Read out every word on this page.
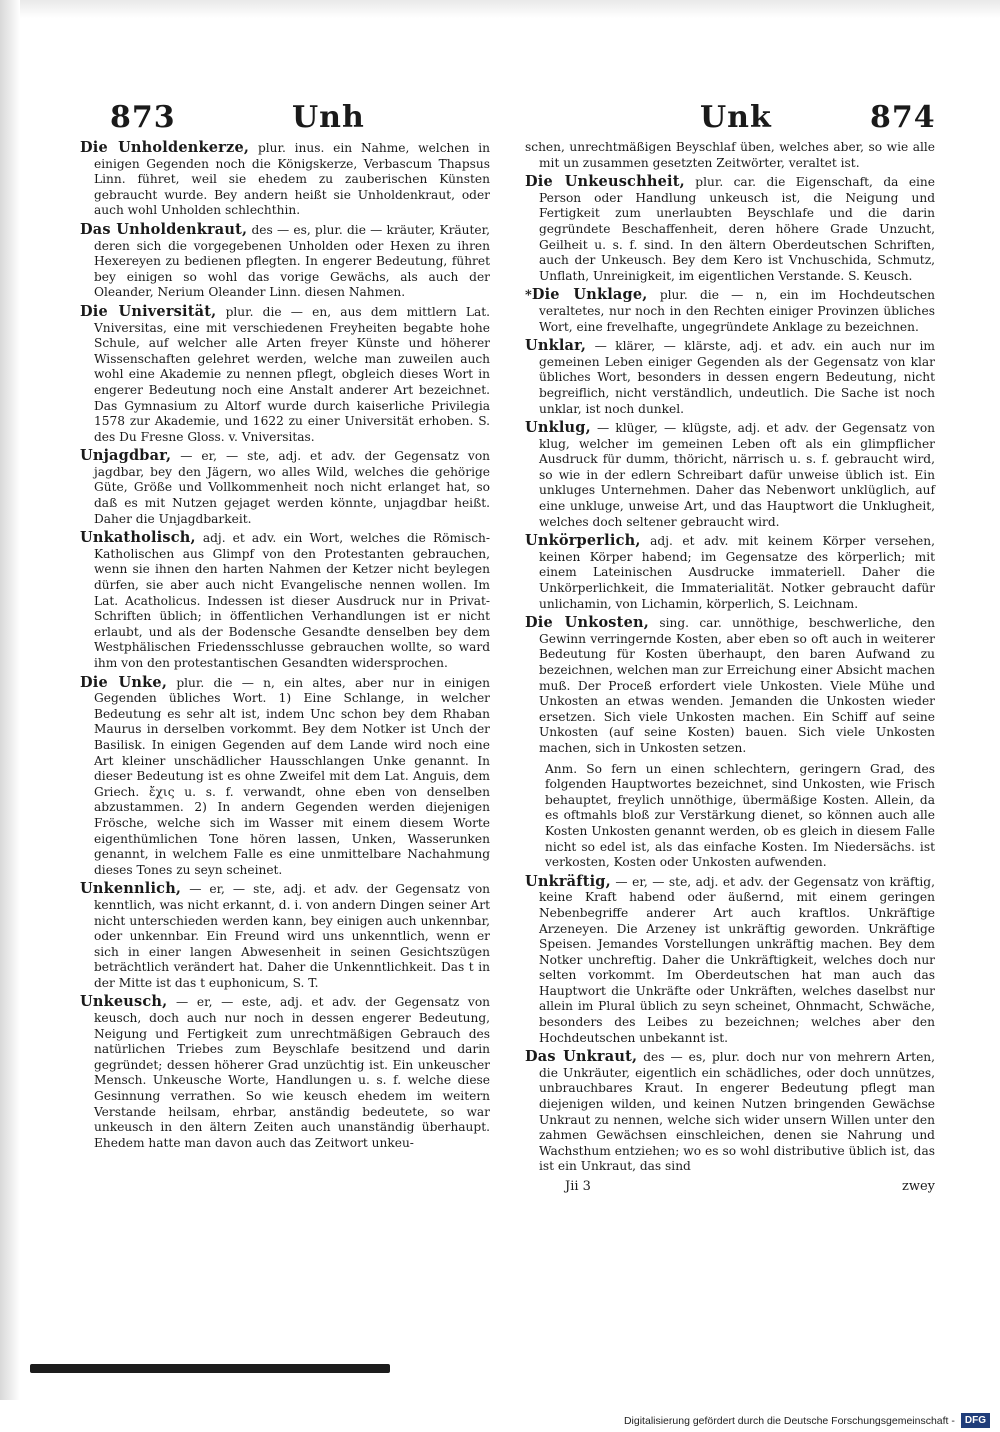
873	Unh	Unk	874

Die Unholdenkerze, plur. inus. ein Nahme, welchen in einigen Gegenden noch die Königskerze, Verbascum Thapsus Linn. führet, weil sie ehedem zu zauberischen Künsten gebraucht wurde. Bey andern heißt sie Unholdenkraut, oder auch wohl Unholden schlechthin.

Das Unholdenkraut, des — es, plur. die — kräuter, Kräuter, deren sich die vorgegebenen Unholden oder Hexen zu ihren Hexereyen zu bedienen pflegten. In engerer Bedeutung, führet bey einigen so wohl das vorige Gewächs, als auch der Oleander, Nerium Oleander Linn. diesen Nahmen.

Die Universität, plur. die — en, aus dem mittlern Lat. Vniversitas, eine mit verschiedenen Freyheiten begabte hohe Schule, auf welcher alle Arten freyer Künste und höherer Wissenschaften gelehret werden, welche man zuweilen auch wohl eine Akademie zu nennen pflegt, obgleich dieses Wort in engerer Bedeutung noch eine Anstalt anderer Art bezeichnet. Das Gymnasium zu Altorf wurde durch kaiserliche Privilegia 1578 zur Akademie, und 1622 zu einer Universität erhoben. S. des Du Fresne Gloss. v. Vniversitas.

Unjagdbar, — er, — ste, adj. et adv. der Gegensatz von jagdbar, bey den Jägern, wo alles Wild, welches die gehörige Güte, Größe und Vollkommenheit noch nicht erlanget hat, so daß es mit Nutzen gejaget werden könnte, unjagdbar heißt. Daher die Unjagdbarkeit.

Unkatholisch, adj. et adv. ein Wort, welches die Römisch-Katholischen aus Glimpf von den Protestanten gebrauchen, wenn sie ihnen den harten Nahmen der Ketzer nicht beylegen dürfen, sie aber auch nicht Evangelische nennen wollen. Im Lat. Acatholicus. Indessen ist dieser Ausdruck nur in Privat-Schriften üblich; in öffentlichen Verhandlungen ist er nicht erlaubt, und als der Bodensche Gesandte denselben bey dem Westphälischen Friedensschlusse gebrauchen wollte, so ward ihm von den protestantischen Gesandten widersprochen.

Die Unke, plur. die — n, ein altes, aber nur in einigen Gegenden übliches Wort. 1) Eine Schlange, in welcher Bedeutung es sehr alt ist, indem Unc schon bey dem Rhaban Maurus in derselben vorkommt. Bey dem Notker ist Unch der Basilisk. In einigen Gegenden auf dem Lande wird noch eine Art kleiner unschädlicher Hausschlangen Unke genannt. In dieser Bedeutung ist es ohne Zweifel mit dem Lat. Anguis, dem Griech. ἔχις u. s. f. verwandt, ohne eben von denselben abzustammen. 2) In andern Gegenden werden diejenigen Frösche, welche sich im Wasser mit einem diesem Worte eigenthümlichen Tone hören lassen, Unken, Wasserunken genannt, in welchem Falle es eine unmittelbare Nachahmung dieses Tones zu seyn scheinet.

Unkennlich, — er, — ste, adj. et adv. der Gegensatz von kenntlich, was nicht erkannt, d. i. von andern Dingen seiner Art nicht unterschieden werden kann, bey einigen auch unkennbar, oder unkennbar. Ein Freund wird uns unkenntlich, wenn er sich in einer langen Abwesenheit in seinen Gesichtszügen beträchtlich verändert hat. Daher die Unkenntlichkeit. Das t in der Mitte ist das t euphonicum, S. T.

Unkeusch, — er, — este, adj. et adv. der Gegensatz von keusch, doch auch nur noch in dessen engerer Bedeutung, Neigung und Fertigkeit zum unrechtmäßigen Gebrauch des natürlichen Triebes zum Beyschlafe besitzend und darin gegründet; dessen höherer Grad unzüchtig ist. Ein unkeuscher Mensch. Unkeusche Worte, Handlungen u. s. f. welche diese Gesinnung verrathen. So wie keusch ehedem im weitern Verstande heilsam, ehrbar, anständig bedeutete, so war unkeusch in den ältern Zeiten auch unanständig überhaupt. Ehedem hatte man davon auch das Zeitwort unkeu-

schen, unrechtmäßigen Beyschlaf üben, welches aber, so wie alle mit un zusammen gesetzten Zeitwörter, veraltet ist.

Die Unkeuschheit, plur. car. die Eigenschaft, da eine Person oder Handlung unkeusch ist, die Neigung und Fertigkeit zum unerlaubten Beyschlafe und die darin gegründete Beschaffenheit, deren höhere Grade Unzucht, Geilheit u. s. f. sind. In den ältern Oberdeutschen Schriften, auch der Unkeusch. Bey dem Kero ist Vnchuschida, Schmutz, Unflath, Unreinigkeit, im eigentlichen Verstande. S. Keusch.

*Die Unklage, plur. die — n, ein im Hochdeutschen veraltetes, nur noch in den Rechten einiger Provinzen übliches Wort, eine frevelhafte, ungegründete Anklage zu bezeichnen.

Unklar, — klärer, — klärste, adj. et adv. ein auch nur im gemeinen Leben einiger Gegenden als der Gegensatz von klar übliches Wort, besonders in dessen engern Bedeutung, nicht begreiflich, nicht verständlich, undeutlich. Die Sache ist noch unklar, ist noch dunkel.

Unklug, — klüger, — klügste, adj. et adv. der Gegensatz von klug, welcher im gemeinen Leben oft als ein glimpflicher Ausdruck für dumm, thöricht, närrisch u. s. f. gebraucht wird, so wie in der edlern Schreibart dafür unweise üblich ist. Ein unkluges Unternehmen. Daher das Nebenwort unklüglich, auf eine unkluge, unweise Art, und das Hauptwort die Unklugheit, welches doch seltener gebraucht wird.

Unkörperlich, adj. et adv. mit keinem Körper versehen, keinen Körper habend; im Gegensatze des körperlich; mit einem Lateinischen Ausdrucke immateriell. Daher die Unkörperlichkeit, die Immaterialität. Notker gebraucht dafür unlichamin, von Lichamin, körperlich, S. Leichnam.

Die Unkosten, sing. car. unnöthige, beschwerliche, den Gewinn verringernde Kosten, aber eben so oft auch in weiterer Bedeutung für Kosten überhaupt, den baren Aufwand zu bezeichnen, welchen man zur Erreichung einer Absicht machen muß. Der Proceß erfordert viele Unkosten. Viele Mühe und Unkosten an etwas wenden. Jemanden die Unkosten wieder ersetzen. Sich viele Unkosten machen. Ein Schiff auf seine Unkosten (auf seine Kosten) bauen. Sich viele Unkosten machen, sich in Unkosten setzen.

Anm. So fern un einen schlechtern, geringern Grad, des folgenden Hauptwortes bezeichnet, sind Unkosten, wie Frisch behauptet, freylich unnöthige, übermäßige Kosten. Allein, da es oftmahls bloß zur Verstärkung dienet, so können auch alle Kosten Unkosten genannt werden, ob es gleich in diesem Falle nicht so edel ist, als das einfache Kosten. Im Niedersächs. ist verkosten, Kosten oder Unkosten aufwenden.

Unkräftig, — er, — ste, adj. et adv. der Gegensatz von kräftig, keine Kraft habend oder äußernd, mit einem geringen Nebenbegriffe anderer Art auch kraftlos. Unkräftige Arzeneyen. Die Arzeney ist unkräftig geworden. Unkräftige Speisen. Jemandes Vorstellungen unkräftig machen. Bey dem Notker unchreftig. Daher die Unkräftigkeit, welches doch nur selten vorkommt. Im Oberdeutschen hat man auch das Hauptwort die Unkräfte oder Unkräften, welches daselbst nur allein im Plural üblich zu seyn scheinet, Ohnmacht, Schwäche, besonders des Leibes zu bezeichnen; welches aber den Hochdeutschen unbekannt ist.

Das Unkraut, des — es, plur. doch nur von mehrern Arten, die Unkräuter, eigentlich ein schädliches, oder doch unnützes, unbrauchbares Kraut. In engerer Bedeutung pflegt man diejenigen wilden, und keinen Nutzen bringenden Gewächse Unkraut zu nennen, welche sich wider unsern Willen unter den zahmen Gewächsen einschleichen, denen sie Nahrung und Wachsthum entziehen; wo es so wohl distributive üblich ist, das ist ein Unkraut, das sind

Jii 3	zwey
Digitalisierung gefördert durch die Deutsche Forschungsgemeinschaft -	DFG
